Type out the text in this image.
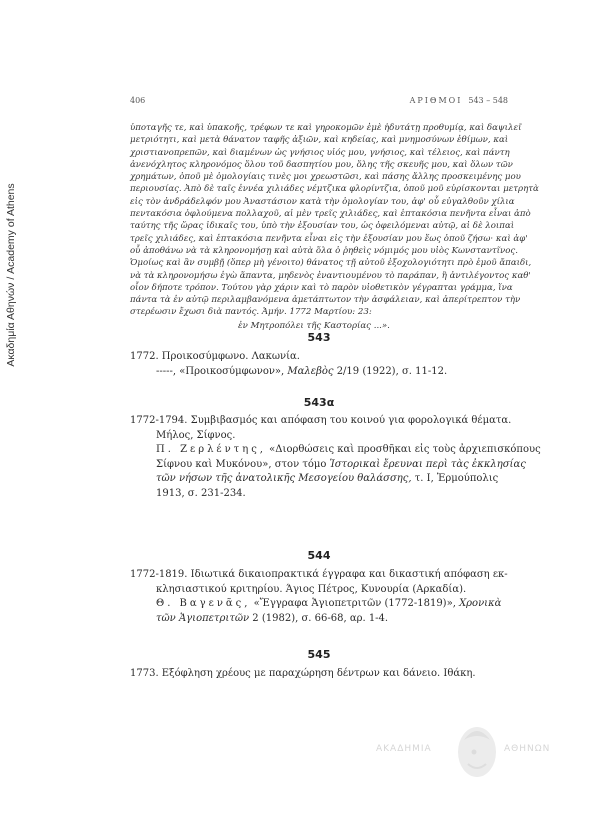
Ακαδημία Αθηνών / Academy of Athens
406	ΑΡΙΘΜΟΙ 543 – 548
ὑποταγῆς τε, καὶ ὑπακοῆς, τρέφων τε καὶ γηροκομῶν ἐμὲ ἡδυτάτῃ προθυμίᾳ, καὶ δαψιλεῖ
μετριότητι, καὶ μετὰ θάνατον ταφῆς ἀξιῶν, καὶ κηδείας, καὶ μνημοσύνων ἐθίμων, καὶ
χριστιανοπρεπῶν, καὶ διαμένων ὡς γνήσιος υἱός μου, γνήσιος, καὶ τέλειος, καὶ πάντη
ἀνενόχλητος κληρονόμος ὅλου τοῦ δασπητίου μου, ὅλης τῆς σκευῆς μου, καὶ ὅλων τῶν
χρημάτων, ὁποῦ μὲ ὁμολογίαις τινὲς μοι χρεωστῶσι, καὶ πάσης ἄλλης προσκειμένης μου
περιουσίας. Ἀπὸ δὲ ταῖς ἐννέα χιλιάδες νέμτζικα φλορίντζια, ὁποῦ μοῦ εὑρίσκονται μετρητὰ
εἰς τὸν ἀνδράδελφόν μου Ἀναστάσιον κατὰ τὴν ὁμολογίαν του, ἀφ' οὗ εὐγαλθοῦν χίλια
πεντακόσια ὀφλούμενα πολλαχοῦ, αἱ μὲν τρεῖς χιλιάδες, καὶ ἑπτακόσια πενῆντα εἶναι ἀπὸ
ταύτης τῆς ὥρας ἰδικαῖς του, ὑπὸ τὴν ἐξουσίαν του, ὡς ὀφειλόμεναι αὐτῷ, αἱ δὲ λοιπαὶ
τρεῖς χιλιάδες, καὶ ἑπτακόσια πενῆντα εἶναι εἰς τὴν ἐξουσίαν μου ἕως ὁποῦ ζήσω· καὶ ἀφ'
οὗ ἀποθάνω νὰ τὰ κληρονομήσῃ καὶ αὐτὰ ὅλα ὁ ῥηθεὶς νόμιμός μου υἱὸς Κωνσταντῖνος.
Ὁμοίως καὶ ἂν συμβῇ (ὅπερ μὴ γένοιτο) θάνατος τῇ αὐτοῦ ἐξοχολογιότητι πρὸ ἐμοῦ ἄπαιδι,
νὰ τὰ κληρονομήσω ἐγὼ ἅπαντα, μηδενὸς ἐναντιουμένου τὸ παράπαν, ἢ ἀντιλέγοντος καθ'
οἷον δήποτε τρόπον. Τούτου γὰρ χάριν καὶ τὸ παρὸν υἱοθετικὸν γέγραπται γράμμα, ἵνα
πάντα τὰ ἐν αὐτῷ περιλαμβανόμενα ἀμετάπτωτον τὴν ἀσφάλειαν, καὶ ἀπερίτρεπτον τὴν
στερέωσιν ἔχωσι διὰ παντός. Ἀμήν. 1772 Μαρτίου: 23:
ἐν Μητροπόλει τῆς Καστορίας ...».
543
1772. Προικοσύμφωνο. Λακωνία.
-----, «Προικοσύμφωνον», Μαλεβὸς 2/19 (1922), σ. 11-12.
543α
1772-1794. Συμβιβασμός και απόφαση του κοινού για φορολογικά θέματα.
Μήλος, Σίφνος.
Π. Ζερλέντης, «Διορθώσεις καὶ προσθῆκαι εἰς τοὺς ἀρχιεπισκόπους
Σίφνου καὶ Μυκόνου», στον τόμο Ἱστορικαὶ ἔρευναι περὶ τὰς ἐκκλησίας
τῶν νήσων τῆς ἀνατολικῆς Μεσογείου θαλάσσης, τ. Ι, Ἑρμούπολις
1913, σ. 231-234.
544
1772-1819. Ιδιωτικά δικαιοπρακτικά έγγραφα και δικαστική απόφαση εκ-
κλησιαστικού κριτηρίου. Άγιος Πέτρος, Κυνουρία (Αρκαδία).
Θ. Βαγενᾶς, «Ἔγγραφα Ἁγιοπετριτῶν (1772-1819)», Χρονικὰ
τῶν Ἁγιοπετριτῶν 2 (1982), σ. 66-68, αρ. 1-4.
545
1773. Εξόφληση χρέους με παραχώρηση δέντρων και δάνειο. Ιθάκη.
ΑΚΑΔΗΜΙΑ	ΑΘΗΝΩΝ
